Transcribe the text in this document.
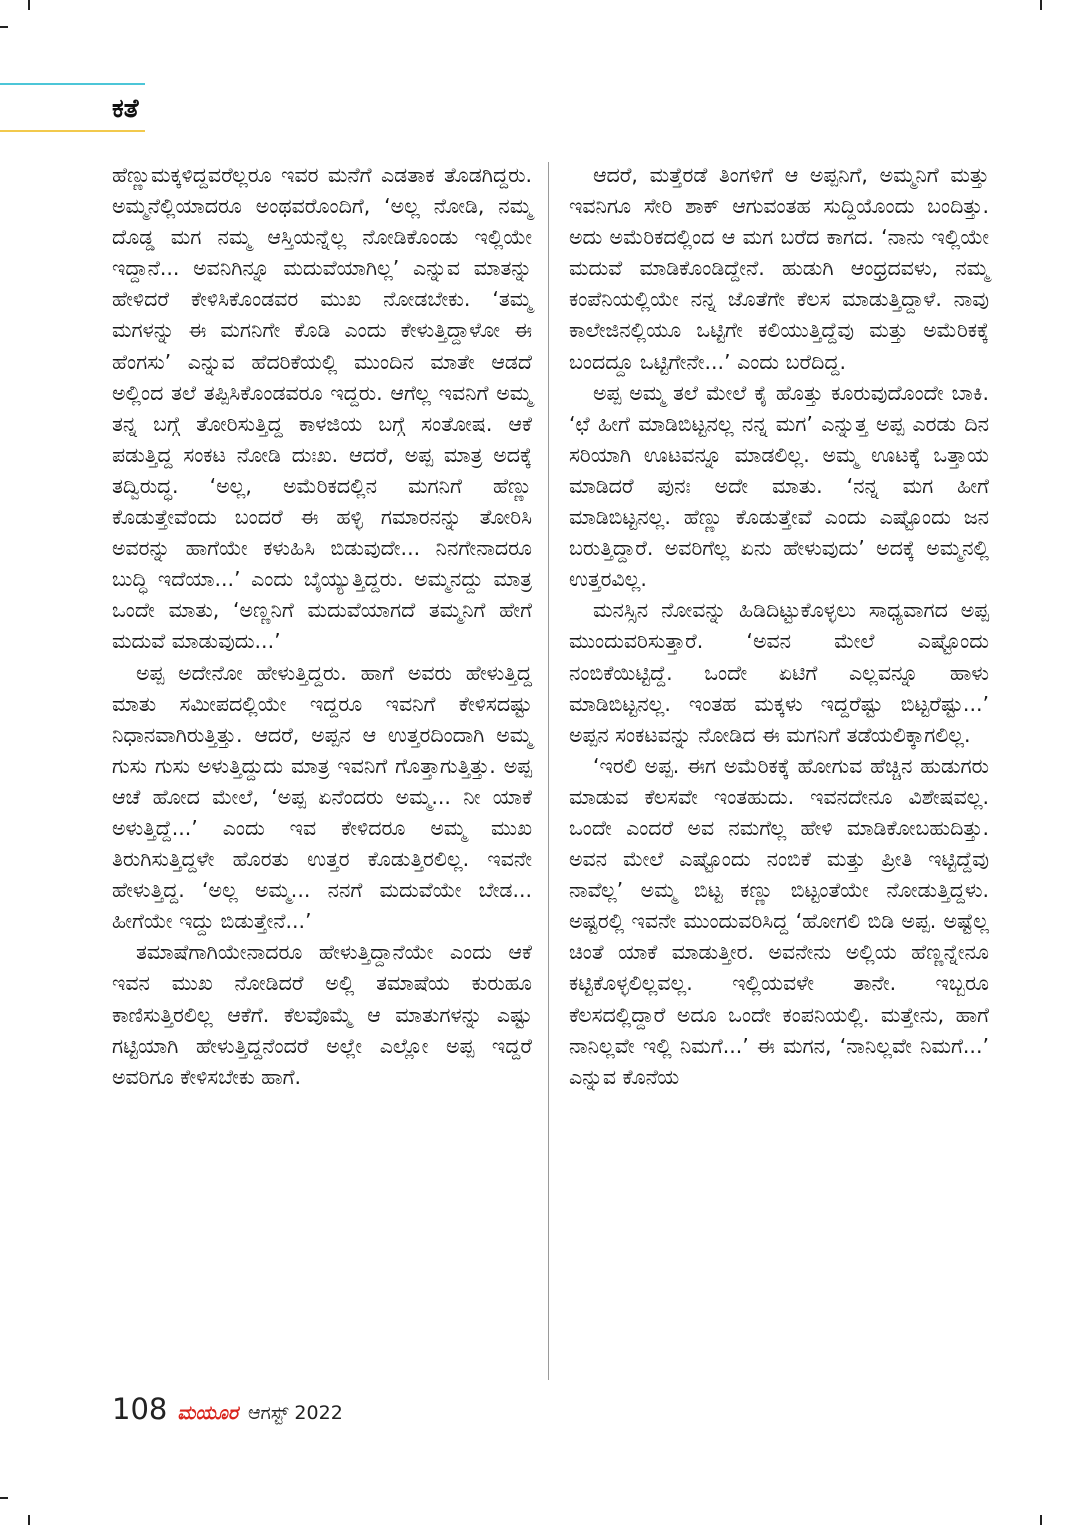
ಕತೆ

ಹೆಣ್ಣುಮಕ್ಕಳಿದ್ದವರೆಲ್ಲರೂ ಇವರ ಮನೆಗೆ ಎಡತಾಕ ತೊಡಗಿದ್ದರು. ಅಮ್ಮನೆಲ್ಲಿಯಾದರೂ ಅಂಥವರೊಂದಿಗೆ, ‘ಅಲ್ಲ ನೋಡಿ, ನಮ್ಮ ದೊಡ್ಡ ಮಗ ನಮ್ಮ ಆಸ್ತಿಯನ್ನೆಲ್ಲ ನೋಡಿಕೊಂಡು ಇಲ್ಲಿಯೇ ಇದ್ದಾನೆ... ಅವನಿಗಿನ್ನೂ ಮದುವೆಯಾಗಿಲ್ಲ’ ಎನ್ನುವ ಮಾತನ್ನು ಹೇಳಿದರೆ ಕೇಳಿಸಿಕೊಂಡವರ ಮುಖ ನೋಡಬೇಕು. ‘ತಮ್ಮ ಮಗಳನ್ನು ಈ ಮಗನಿಗೇ ಕೊಡಿ ಎಂದು ಕೇಳುತ್ತಿದ್ದಾಳೋ ಈ ಹೆಂಗಸು’ ಎನ್ನುವ ಹೆದರಿಕೆಯಲ್ಲಿ ಮುಂದಿನ ಮಾತೇ ಆಡದೆ ಅಲ್ಲಿಂದ ತಲೆ ತಪ್ಪಿಸಿಕೊಂಡವರೂ ಇದ್ದರು. ಆಗೆಲ್ಲ ಇವನಿಗೆ ಅಮ್ಮ ತನ್ನ ಬಗ್ಗೆ ತೋರಿಸುತ್ತಿದ್ದ ಕಾಳಜಿಯ ಬಗ್ಗೆ ಸಂತೋಷ. ಆಕೆ ಪಡುತ್ತಿದ್ದ ಸಂಕಟ ನೋಡಿ ದುಃಖ. ಆದರೆ, ಅಪ್ಪ ಮಾತ್ರ ಅದಕ್ಕೆ ತದ್ವಿರುದ್ಧ. ‘ಅಲ್ಲ, ಅಮೆರಿಕದಲ್ಲಿನ ಮಗನಿಗೆ ಹೆಣ್ಣು ಕೊಡುತ್ತೇವೆಂದು ಬಂದರೆ ಈ ಹಳ್ಳಿ ಗಮಾರನನ್ನು ತೋರಿಸಿ ಅವರನ್ನು ಹಾಗೆಯೇ ಕಳುಹಿಸಿ ಬಿಡುವುದೇ... ನಿನಗೇನಾದರೂ ಬುದ್ಧಿ ಇದೆಯಾ...’ ಎಂದು ಬೈಯ್ಯುತ್ತಿದ್ದರು. ಅಮ್ಮನದ್ದು ಮಾತ್ರ ಒಂದೇ ಮಾತು, ‘ಅಣ್ಣನಿಗೆ ಮದುವೆಯಾಗದೆ ತಮ್ಮನಿಗೆ ಹೇಗೆ ಮದುವೆ ಮಾಡುವುದು...’

ಅಪ್ಪ ಅದೇನೋ ಹೇಳುತ್ತಿದ್ದರು. ಹಾಗೆ ಅವರು ಹೇಳುತ್ತಿದ್ದ ಮಾತು ಸಮೀಪದಲ್ಲಿಯೇ ಇದ್ದರೂ ಇವನಿಗೆ ಕೇಳಿಸದಷ್ಟು ನಿಧಾನವಾಗಿರುತ್ತಿತ್ತು. ಆದರೆ, ಅಪ್ಪನ ಆ ಉತ್ತರದಿಂದಾಗಿ ಅಮ್ಮ ಗುಸು ಗುಸು ಅಳುತ್ತಿದ್ದುದು ಮಾತ್ರ ಇವನಿಗೆ ಗೊತ್ತಾಗುತ್ತಿತ್ತು. ಅಪ್ಪ ಆಚೆ ಹೋದ ಮೇಲೆ, ‘ಅಪ್ಪ ಏನೆಂದರು ಅಮ್ಮ... ನೀ ಯಾಕೆ ಅಳುತ್ತಿದ್ದೆ...’ ಎಂದು ಇವ ಕೇಳಿದರೂ ಅಮ್ಮ ಮುಖ ತಿರುಗಿಸುತ್ತಿದ್ದಳೇ ಹೊರತು ಉತ್ತರ ಕೊಡುತ್ತಿರಲಿಲ್ಲ. ಇವನೇ ಹೇಳುತ್ತಿದ್ದ. ‘ಅಲ್ಲ ಅಮ್ಮ... ನನಗೆ ಮದುವೆಯೇ ಬೇಡ... ಹೀಗೆಯೇ ಇದ್ದು ಬಿಡುತ್ತೇನೆ...’

ತಮಾಷೆಗಾಗಿಯೇನಾದರೂ ಹೇಳುತ್ತಿದ್ದಾನೆಯೇ ಎಂದು ಆಕೆ ಇವನ ಮುಖ ನೋಡಿದರೆ ಅಲ್ಲಿ ತಮಾಷೆಯ ಕುರುಹೂ ಕಾಣಿಸುತ್ತಿರಲಿಲ್ಲ ಆಕೆಗೆ. ಕೆಲವೊಮ್ಮೆ ಆ ಮಾತುಗಳನ್ನು ಎಷ್ಟು ಗಟ್ಟಿಯಾಗಿ ಹೇಳುತ್ತಿದ್ದನೆಂದರೆ ಅಲ್ಲೇ ಎಲ್ಲೋ ಅಪ್ಪ ಇದ್ದರೆ ಅವರಿಗೂ ಕೇಳಿಸಬೇಕು ಹಾಗೆ.

ಆದರೆ, ಮತ್ತೆರಡೆ ತಿಂಗಳಿಗೆ ಆ ಅಪ್ಪನಿಗೆ, ಅಮ್ಮನಿಗೆ ಮತ್ತು ಇವನಿಗೂ ಸೇರಿ ಶಾಕ್ ಆಗುವಂತಹ ಸುದ್ದಿಯೊಂದು ಬಂದಿತ್ತು. ಅದು ಅಮೆರಿಕದಲ್ಲಿಂದ ಆ ಮಗ ಬರೆದ ಕಾಗದ. ‘ನಾನು ಇಲ್ಲಿಯೇ ಮದುವೆ ಮಾಡಿಕೊಂಡಿದ್ದೇನೆ. ಹುಡುಗಿ ಆಂಧ್ರದವಳು, ನಮ್ಮ ಕಂಪೆನಿಯಲ್ಲಿಯೇ ನನ್ನ ಜೊತೆಗೇ ಕೆಲಸ ಮಾಡುತ್ತಿದ್ದಾಳೆ. ನಾವು ಕಾಲೇಜಿನಲ್ಲಿಯೂ ಒಟ್ಟಿಗೇ ಕಲಿಯುತ್ತಿದ್ದೆವು ಮತ್ತು ಅಮೆರಿಕಕ್ಕೆ ಬಂದದ್ದೂ ಒಟ್ಟಿಗೇನೇ...’ ಎಂದು ಬರೆದಿದ್ದ.

ಅಪ್ಪ ಅಮ್ಮ ತಲೆ ಮೇಲೆ ಕೈ ಹೊತ್ತು ಕೂರುವುದೊಂದೇ ಬಾಕಿ. ‘ಛೆ ಹೀಗೆ ಮಾಡಿಬಿಟ್ಟನಲ್ಲ ನನ್ನ ಮಗ’ ಎನ್ನುತ್ತ ಅಪ್ಪ ಎರಡು ದಿನ ಸರಿಯಾಗಿ ಊಟವನ್ನೂ ಮಾಡಲಿಲ್ಲ. ಅಮ್ಮ ಊಟಕ್ಕೆ ಒತ್ತಾಯ ಮಾಡಿದರೆ ಪುನಃ ಅದೇ ಮಾತು. ‘ನನ್ನ ಮಗ ಹೀಗೆ ಮಾಡಿಬಿಟ್ಟನಲ್ಲ. ಹೆಣ್ಣು ಕೊಡುತ್ತೇವೆ ಎಂದು ಎಷ್ಟೊಂದು ಜನ ಬರುತ್ತಿದ್ದಾರೆ. ಅವರಿಗೆಲ್ಲ ಏನು ಹೇಳುವುದು’ ಅದಕ್ಕೆ ಅಮ್ಮನಲ್ಲಿ ಉತ್ತರವಿಲ್ಲ.

ಮನಸ್ಸಿನ ನೋವನ್ನು ಹಿಡಿದಿಟ್ಟುಕೊಳ್ಳಲು ಸಾಧ್ಯವಾಗದ ಅಪ್ಪ ಮುಂದುವರಿಸುತ್ತಾರೆ. ‘ಅವನ ಮೇಲೆ ಎಷ್ಟೊಂದು ನಂಬಿಕೆಯಿಟ್ಟಿದ್ದೆ. ಒಂದೇ ಏಟಿಗೆ ಎಲ್ಲವನ್ನೂ ಹಾಳು ಮಾಡಿಬಿಟ್ಟನಲ್ಲ. ಇಂತಹ ಮಕ್ಕಳು ಇದ್ದರೆಷ್ಟು ಬಿಟ್ಟರೆಷ್ಟು...’ ಅಪ್ಪನ ಸಂಕಟವನ್ನು ನೋಡಿದ ಈ ಮಗನಿಗೆ ತಡೆಯಲಿಕ್ಕಾಗಲಿಲ್ಲ.

‘ಇರಲಿ ಅಪ್ಪ. ಈಗ ಅಮೆರಿಕಕ್ಕೆ ಹೋಗುವ ಹೆಚ್ಚಿನ ಹುಡುಗರು ಮಾಡುವ ಕೆಲಸವೇ ಇಂತಹುದು. ಇವನದೇನೂ ವಿಶೇಷವಲ್ಲ. ಒಂದೇ ಎಂದರೆ ಅವ ನಮಗೆಲ್ಲ ಹೇಳಿ ಮಾಡಿಕೋಬಹುದಿತ್ತು. ಅವನ ಮೇಲೆ ಎಷ್ಟೊಂದು ನಂಬಿಕೆ ಮತ್ತು ಪ್ರೀತಿ ಇಟ್ಟಿದ್ದೆವು ನಾವೆಲ್ಲ’ ಅಮ್ಮ ಬಿಟ್ಟ ಕಣ್ಣು ಬಿಟ್ಟಂತೆಯೇ ನೋಡುತ್ತಿದ್ದಳು. ಅಷ್ಟರಲ್ಲಿ ಇವನೇ ಮುಂದುವರಿಸಿದ್ದ ‘ಹೋಗಲಿ ಬಿಡಿ ಅಪ್ಪ. ಅಷ್ಟೆಲ್ಲ ಚಿಂತೆ ಯಾಕೆ ಮಾಡುತ್ತೀರ. ಅವನೇನು ಅಲ್ಲಿಯ ಹೆಣ್ಣನ್ನೇನೂ ಕಟ್ಟಿಕೊಳ್ಳಲಿಲ್ಲವಲ್ಲ. ಇಲ್ಲಿಯವಳೇ ತಾನೇ. ಇಬ್ಬರೂ ಕೆಲಸದಲ್ಲಿದ್ದಾರೆ ಅದೂ ಒಂದೇ ಕಂಪನಿಯಲ್ಲಿ. ಮತ್ತೇನು, ಹಾಗೆ ನಾನಿಲ್ಲವೇ ಇಲ್ಲಿ ನಿಮಗೆ...’ ಈ ಮಗನ, ‘ನಾನಿಲ್ಲವೇ ನಿಮಗೆ...’ ಎನ್ನುವ ಕೊನೆಯ

108 ಮಯೂರ ಆಗಸ್ಟ್ 2022
